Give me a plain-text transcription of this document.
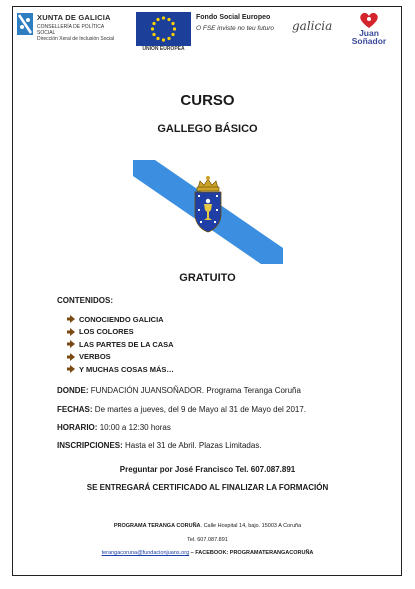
XUNTA DE GALICIA
CONSELLERÍA DE POLÍTICA
SOCIAL
Dirección Xeral de Inclusión Social
UNIÓN EUROPEA
Fondo Social Europeo
O FSE inviste no teu futuro	galicia	Juan
Soñador
CURSO
GALLEGO BÁSICO
GRATUITO
CONTENIDOS:
CONOCIENDO GALICIA
LOS COLORES
LAS PARTES DE LA CASA
VERBOS
Y MUCHAS COSAS MÁS…
DONDE: FUNDACIÓN JUANSOÑADOR. Programa Teranga Coruña
FECHAS: De martes a jueves, del 9 de Mayo al 31 de Mayo del 2017.
HORARIO: 10:00 a 12:30 horas
INSCRIPCIONES: Hasta el 31 de Abril. Plazas Limitadas.
Preguntar por José Francisco Tel. 607.087.891
SE ENTREGARÁ CERTIFICADO AL FINALIZAR LA FORMACIÓN
PROGRAMA TERANGA CORUÑA. Calle Hospital 14, bajo. 15003 A Coruña
Tel. 607.087.891
terangacoruna@fundacionjuans.org – FACEBOOK: PROGRAMATERANGACORUÑA
